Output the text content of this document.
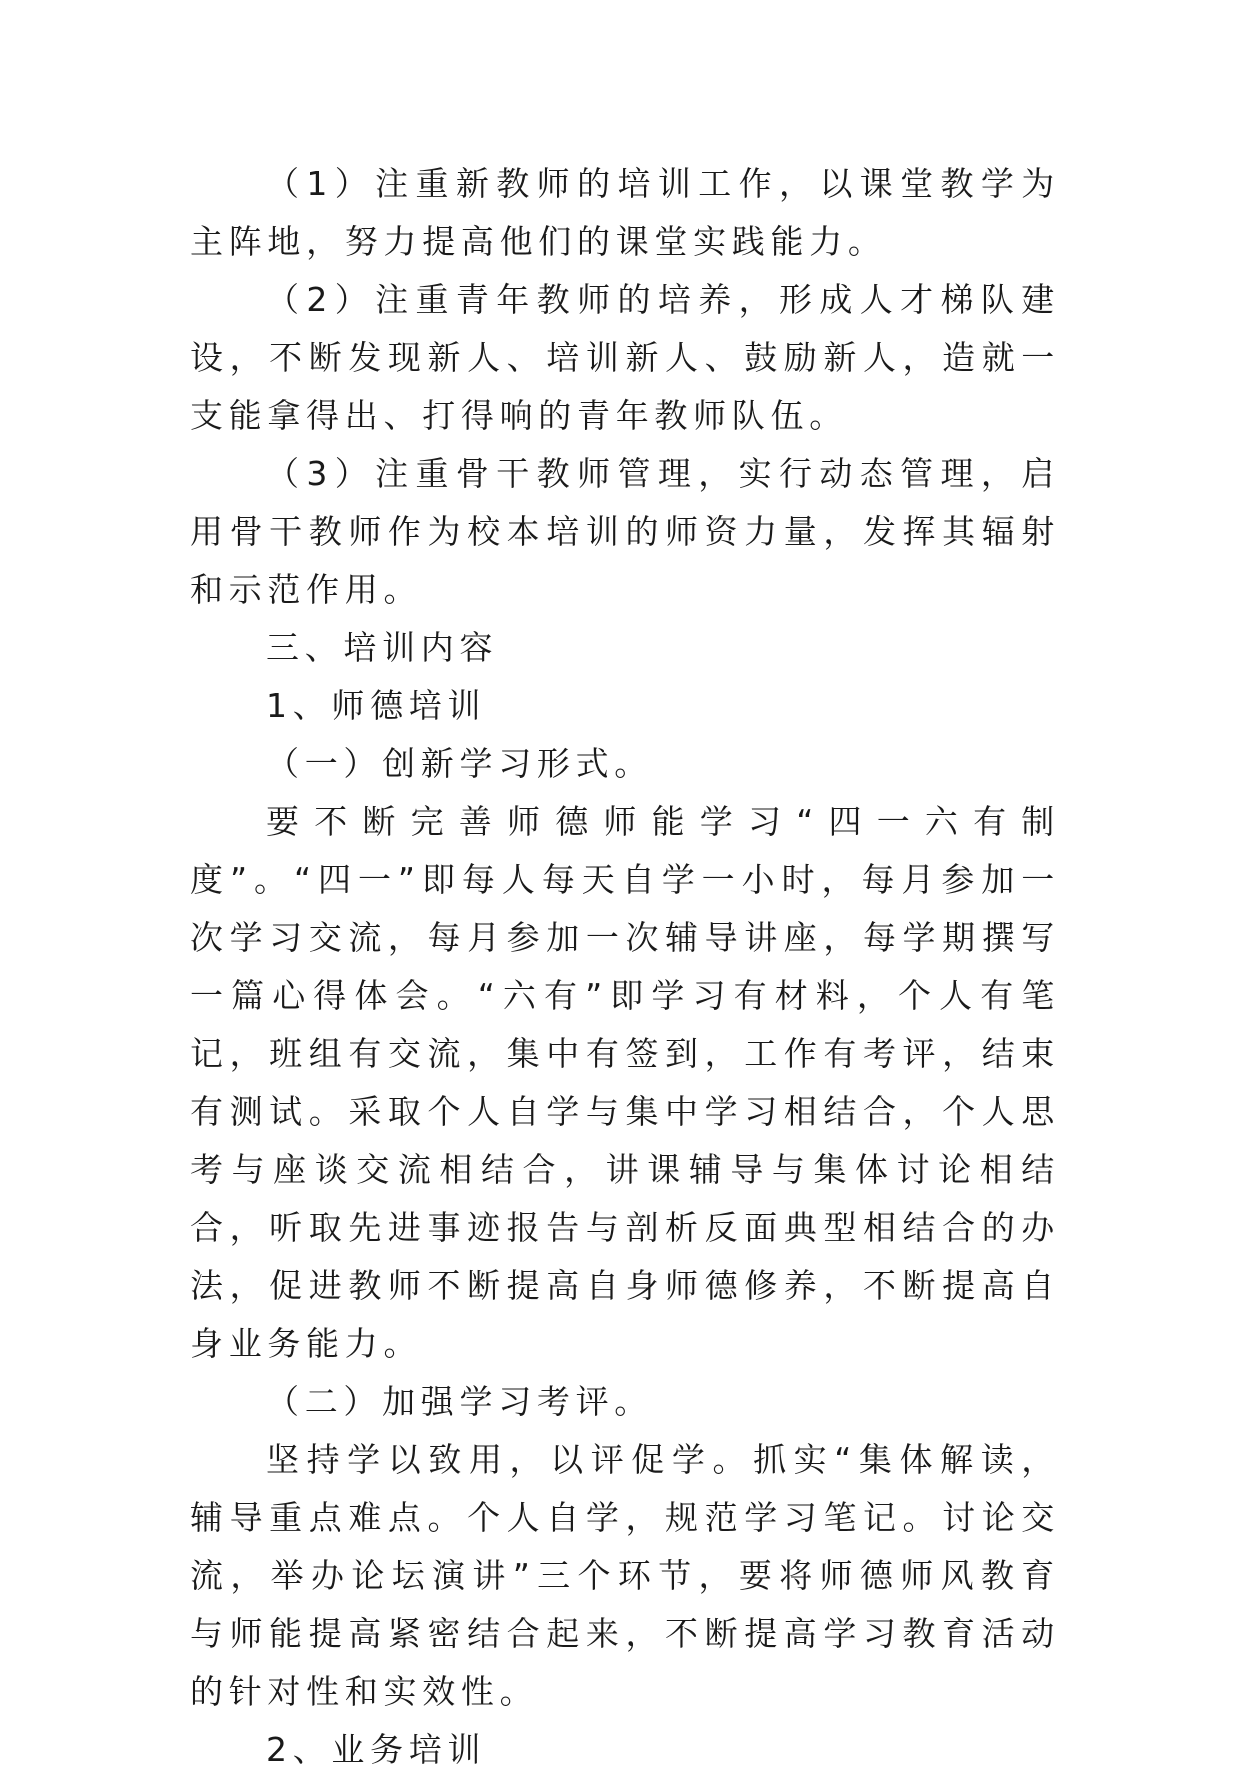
（1）注重新教师的培训工作，以课堂教学为主阵地，努力提高他们的课堂实践能力。

（2）注重青年教师的培养，形成人才梯队建设，不断发现新人、培训新人、鼓励新人，造就一支能拿得出、打得响的青年教师队伍。

（3）注重骨干教师管理，实行动态管理，启用骨干教师作为校本培训的师资力量，发挥其辐射和示范作用。

三、培训内容

1、师德培训

（一）创新学习形式。

要不断完善师德师能学习“四一六有制度”。“四一”即每人每天自学一小时，每月参加一次学习交流，每月参加一次辅导讲座，每学期撰写一篇心得体会。“六有”即学习有材料，个人有笔记，班组有交流，集中有签到，工作有考评，结束有测试。采取个人自学与集中学习相结合，个人思考与座谈交流相结合，讲课辅导与集体讨论相结合，听取先进事迹报告与剖析反面典型相结合的办法，促进教师不断提高自身师德修养，不断提高自身业务能力。

（二）加强学习考评。

坚持学以致用，以评促学。抓实“集体解读，辅导重点难点。个人自学，规范学习笔记。讨论交流，举办论坛演讲”三个环节，要将师德师风教育与师能提高紧密结合起来，不断提高学习教育活动的针对性和实效性。

2、业务培训
